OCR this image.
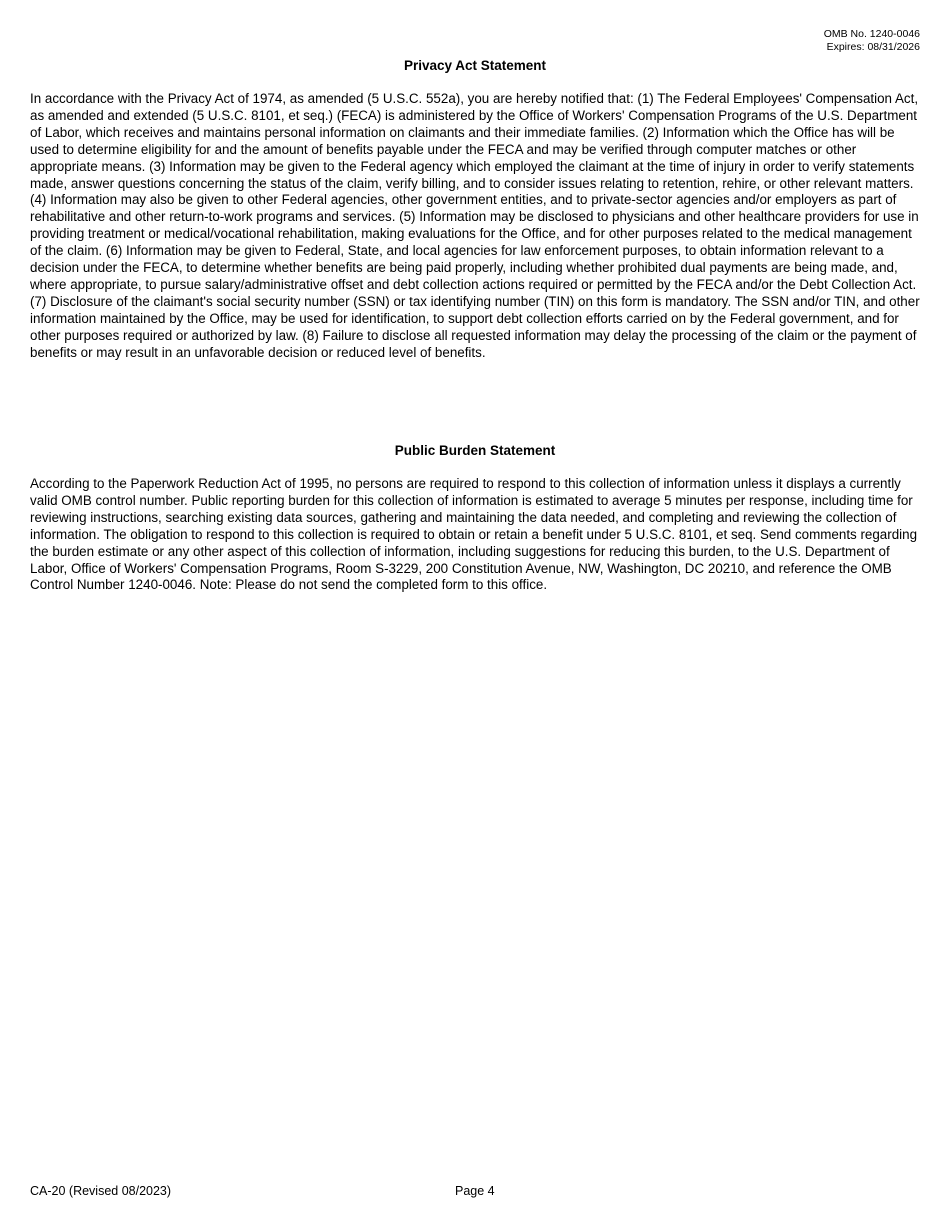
OMB No. 1240-0046
Expires: 08/31/2026
Privacy Act Statement

In accordance with the Privacy Act of 1974, as amended (5 U.S.C. 552a), you are hereby notified that: (1) The Federal Employees' Compensation Act, as amended and extended (5 U.S.C. 8101, et seq.) (FECA) is administered by the Office of Workers' Compensation Programs of the U.S. Department of Labor, which receives and maintains personal information on claimants and their immediate families. (2) Information which the Office has will be used to determine eligibility for and the amount of benefits payable under the FECA and may be verified through computer matches or other appropriate means. (3) Information may be given to the Federal agency which employed the claimant at the time of injury in order to verify statements made, answer questions concerning the status of the claim, verify billing, and to consider issues relating to retention, rehire, or other relevant matters. (4) Information may also be given to other Federal agencies, other government entities, and to private-sector agencies and/or employers as part of rehabilitative and other return-to-work programs and services. (5) Information may be disclosed to physicians and other healthcare providers for use in providing treatment or medical/vocational rehabilitation, making evaluations for the Office, and for other purposes related to the medical management of the claim. (6) Information may be given to Federal, State, and local agencies for law enforcement purposes, to obtain information relevant to a decision under the FECA, to determine whether benefits are being paid properly, including whether prohibited dual payments are being made, and, where appropriate, to pursue salary/administrative offset and debt collection actions required or permitted by the FECA and/or the Debt Collection Act. (7) Disclosure of the claimant's social security number (SSN) or tax identifying number (TIN) on this form is mandatory. The SSN and/or TIN, and other information maintained by the Office, may be used for identification, to support debt collection efforts carried on by the Federal government, and for other purposes required or authorized by law. (8) Failure to disclose all requested information may delay the processing of the claim or the payment of benefits or may result in an unfavorable decision or reduced level of benefits.

Public Burden Statement

According to the Paperwork Reduction Act of 1995, no persons are required to respond to this collection of information unless it displays a currently valid OMB control number. Public reporting burden for this collection of information is estimated to average 5 minutes per response, including time for reviewing instructions, searching existing data sources, gathering and maintaining the data needed, and completing and reviewing the collection of information. The obligation to respond to this collection is required to obtain or retain a benefit under 5 U.S.C. 8101, et seq. Send comments regarding the burden estimate or any other aspect of this collection of information, including suggestions for reducing this burden, to the U.S. Department of Labor, Office of Workers' Compensation Programs, Room S-3229, 200 Constitution Avenue, NW, Washington, DC 20210, and reference the OMB Control Number 1240-0046. Note: Please do not send the completed form to this office.

CA-20 (Revised 08/2023)	Page 4
